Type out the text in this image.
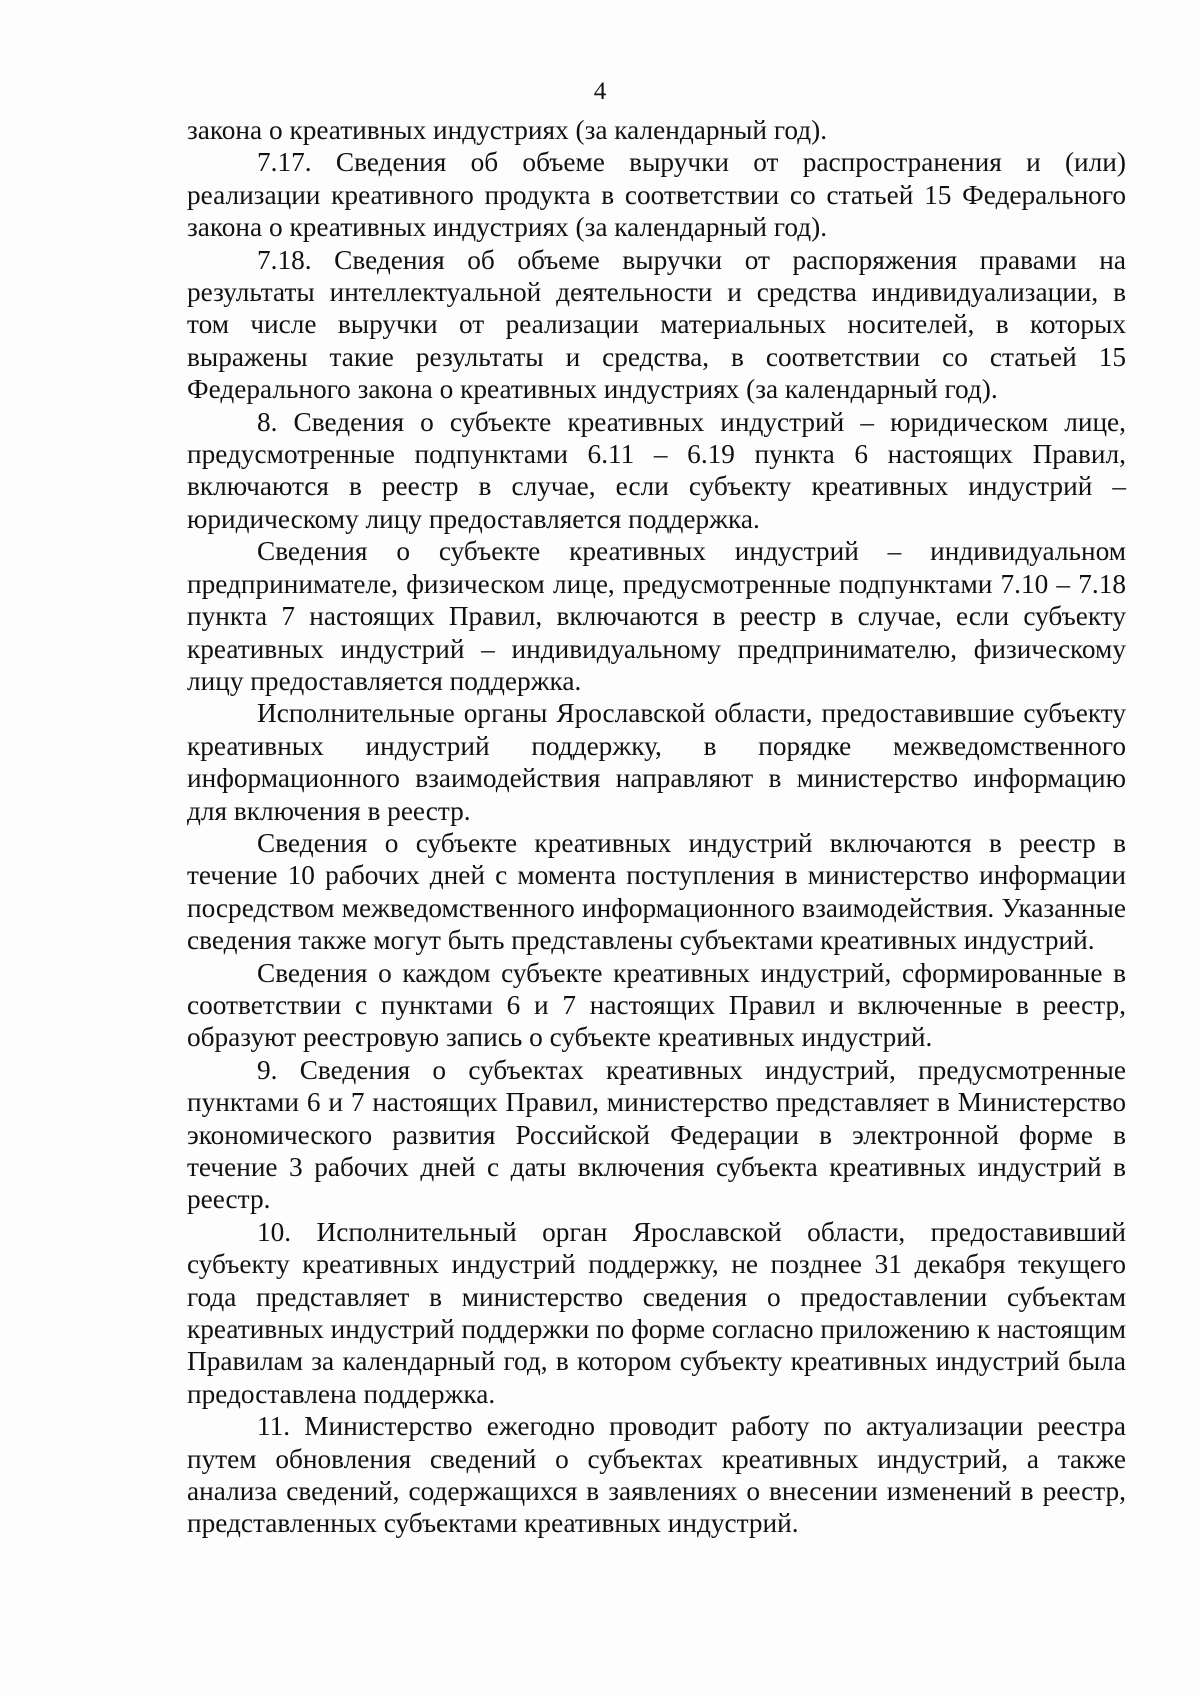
4

закона о креативных индустриях (за календарный год).

7.17. Сведения об объеме выручки от распространения и (или) реализации креативного продукта в соответствии со статьей 15 Федерального закона о креативных индустриях (за календарный год).

7.18. Сведения об объеме выручки от распоряжения правами на результаты интеллектуальной деятельности и средства индивидуализации, в том числе выручки от реализации материальных носителей, в которых выражены такие результаты и средства, в соответствии со статьей 15 Федерального закона о креативных индустриях (за календарный год).

8. Сведения о субъекте креативных индустрий – юридическом лице, предусмотренные подпунктами 6.11 – 6.19 пункта 6 настоящих Правил, включаются в реестр в случае, если субъекту креативных индустрий – юридическому лицу предоставляется поддержка.

Сведения о субъекте креативных индустрий – индивидуальном предпринимателе, физическом лице, предусмотренные подпунктами 7.10 – 7.18 пункта 7 настоящих Правил, включаются в реестр в случае, если субъекту креативных индустрий – индивидуальному предпринимателю, физическому лицу предоставляется поддержка.

Исполнительные органы Ярославской области, предоставившие субъекту креативных индустрий поддержку, в порядке межведомственного информационного взаимодействия направляют в министерство информацию для включения в реестр.

Сведения о субъекте креативных индустрий включаются в реестр в течение 10 рабочих дней с момента поступления в министерство информации посредством межведомственного информационного взаимодействия. Указанные сведения также могут быть представлены субъектами креативных индустрий.

Сведения о каждом субъекте креативных индустрий, сформированные в соответствии с пунктами 6 и 7 настоящих Правил и включенные в реестр, образуют реестровую запись о субъекте креативных индустрий.

9. Сведения о субъектах креативных индустрий, предусмотренные пунктами 6 и 7 настоящих Правил, министерство представляет в Министерство экономического развития Российской Федерации в электронной форме в течение 3 рабочих дней с даты включения субъекта креативных индустрий в реестр.

10. Исполнительный орган Ярославской области, предоставивший субъекту креативных индустрий поддержку, не позднее 31 декабря текущего года представляет в министерство сведения о предоставлении субъектам креативных индустрий поддержки по форме согласно приложению к настоящим Правилам за календарный год, в котором субъекту креативных индустрий была предоставлена поддержка.

11. Министерство ежегодно проводит работу по актуализации реестра путем обновления сведений о субъектах креативных индустрий, а также анализа сведений, содержащихся в заявлениях о внесении изменений в реестр, представленных субъектами креативных индустрий.
